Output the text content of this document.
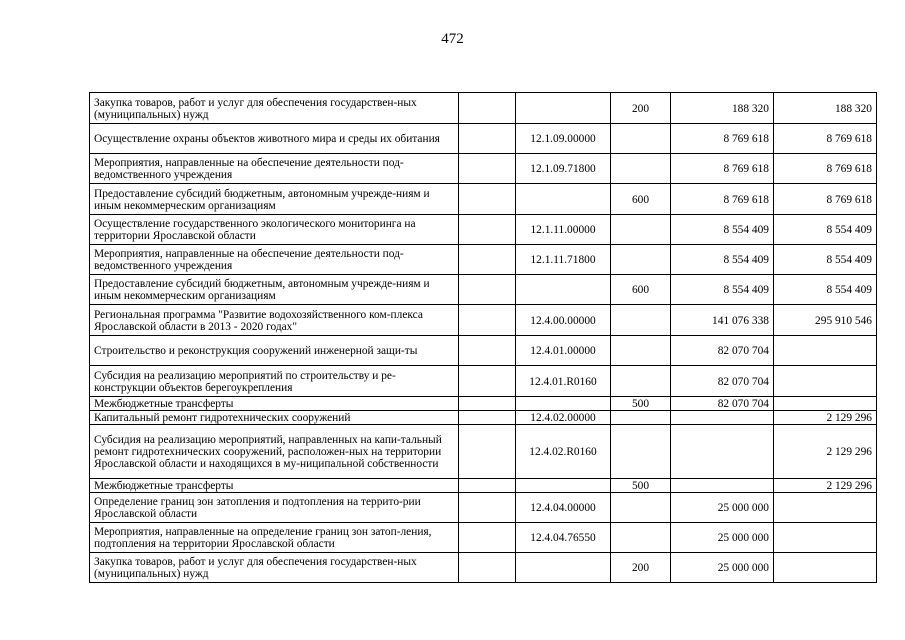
472
Закупка товаров, работ и услуг для обеспечения государствен-ных (муниципальных) нужд			200	188 320	188 320
Осуществление охраны объектов животного мира и среды их обитания		12.1.09.00000		8 769 618	8 769 618
Мероприятия, направленные на обеспечение деятельности под-ведомственного учреждения		12.1.09.71800		8 769 618	8 769 618
Предоставление субсидий бюджетным, автономным учрежде-ниям и иным некоммерческим организациям			600	8 769 618	8 769 618
Осуществление государственного экологического мониторинга на территории Ярославской области		12.1.11.00000		8 554 409	8 554 409
Мероприятия, направленные на обеспечение деятельности под-ведомственного учреждения		12.1.11.71800		8 554 409	8 554 409
Предоставление субсидий бюджетным, автономным учрежде-ниям и иным некоммерческим организациям			600	8 554 409	8 554 409
Региональная программа "Развитие водохозяйственного ком-плекса Ярославской области в 2013 - 2020 годах"		12.4.00.00000		141 076 338	295 910 546
Строительство и реконструкция сооружений инженерной защи-ты		12.4.01.00000		82 070 704	
Субсидия на реализацию мероприятий по строительству и ре-конструкции объектов берегоукрепления		12.4.01.R0160		82 070 704	
Межбюджетные трансферты			500	82 070 704	
Капитальный ремонт гидротехнических сооружений		12.4.02.00000			2 129 296
Субсидия на реализацию мероприятий, направленных на капи-тальный ремонт гидротехнических сооружений, расположен-ных на территории Ярославской области и находящихся в му-ниципальной собственности		12.4.02.R0160			2 129 296
Межбюджетные трансферты			500		2 129 296
Определение границ зон затопления и подтопления на террито-рии Ярославской области		12.4.04.00000		25 000 000	
Мероприятия, направленные на определение границ зон затоп-ления, подтопления на территории Ярославской области		12.4.04.76550		25 000 000	
Закупка товаров, работ и услуг для обеспечения государствен-ных (муниципальных) нужд			200	25 000 000	
